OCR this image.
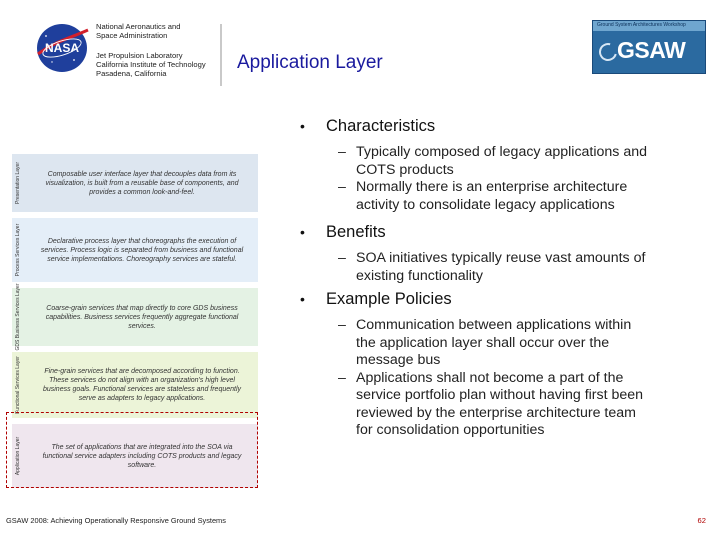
NASA
National Aeronautics and
Space Administration
Jet Propulsion Laboratory
California Institute of Technology
Pasadena, California
Application Layer
Ground System Architectures Workshop
GSAW
Presentation Layer	Composable user interface layer that decouples data from its visualization, is built from a reusable base of components, and provides a common look-and-feel.
Process Services Layer	Declarative process layer that choreographs the execution of services. Process logic is separated from business and functional service implementations. Choreography services are stateful.
GDS Business Services Layer	Coarse-grain services that map directly to core GDS business capabilities. Business services frequently aggregate functional services.
Functional Services Layer	Fine-grain services that are decomposed according to function. These services do not align with an organization's high level business goals. Functional services are stateless and frequently serve as adapters to legacy applications.
Application Layer	The set of applications that are integrated into the SOA via functional service adapters including COTS products and legacy software.
• Characteristics
– Typically composed of legacy applications and
COTS products
– Normally there is an enterprise architecture
activity to consolidate legacy applications
• Benefits
– SOA initiatives typically reuse vast amounts of
existing functionality
• Example Policies
– Communication between applications within
the application layer shall occur over the
message bus
– Applications shall not become a part of the
service portfolio plan without having first been
reviewed by the enterprise architecture team
for consolidation opportunities
GSAW 2008: Achieving Operationally Responsive Ground Systems	62
